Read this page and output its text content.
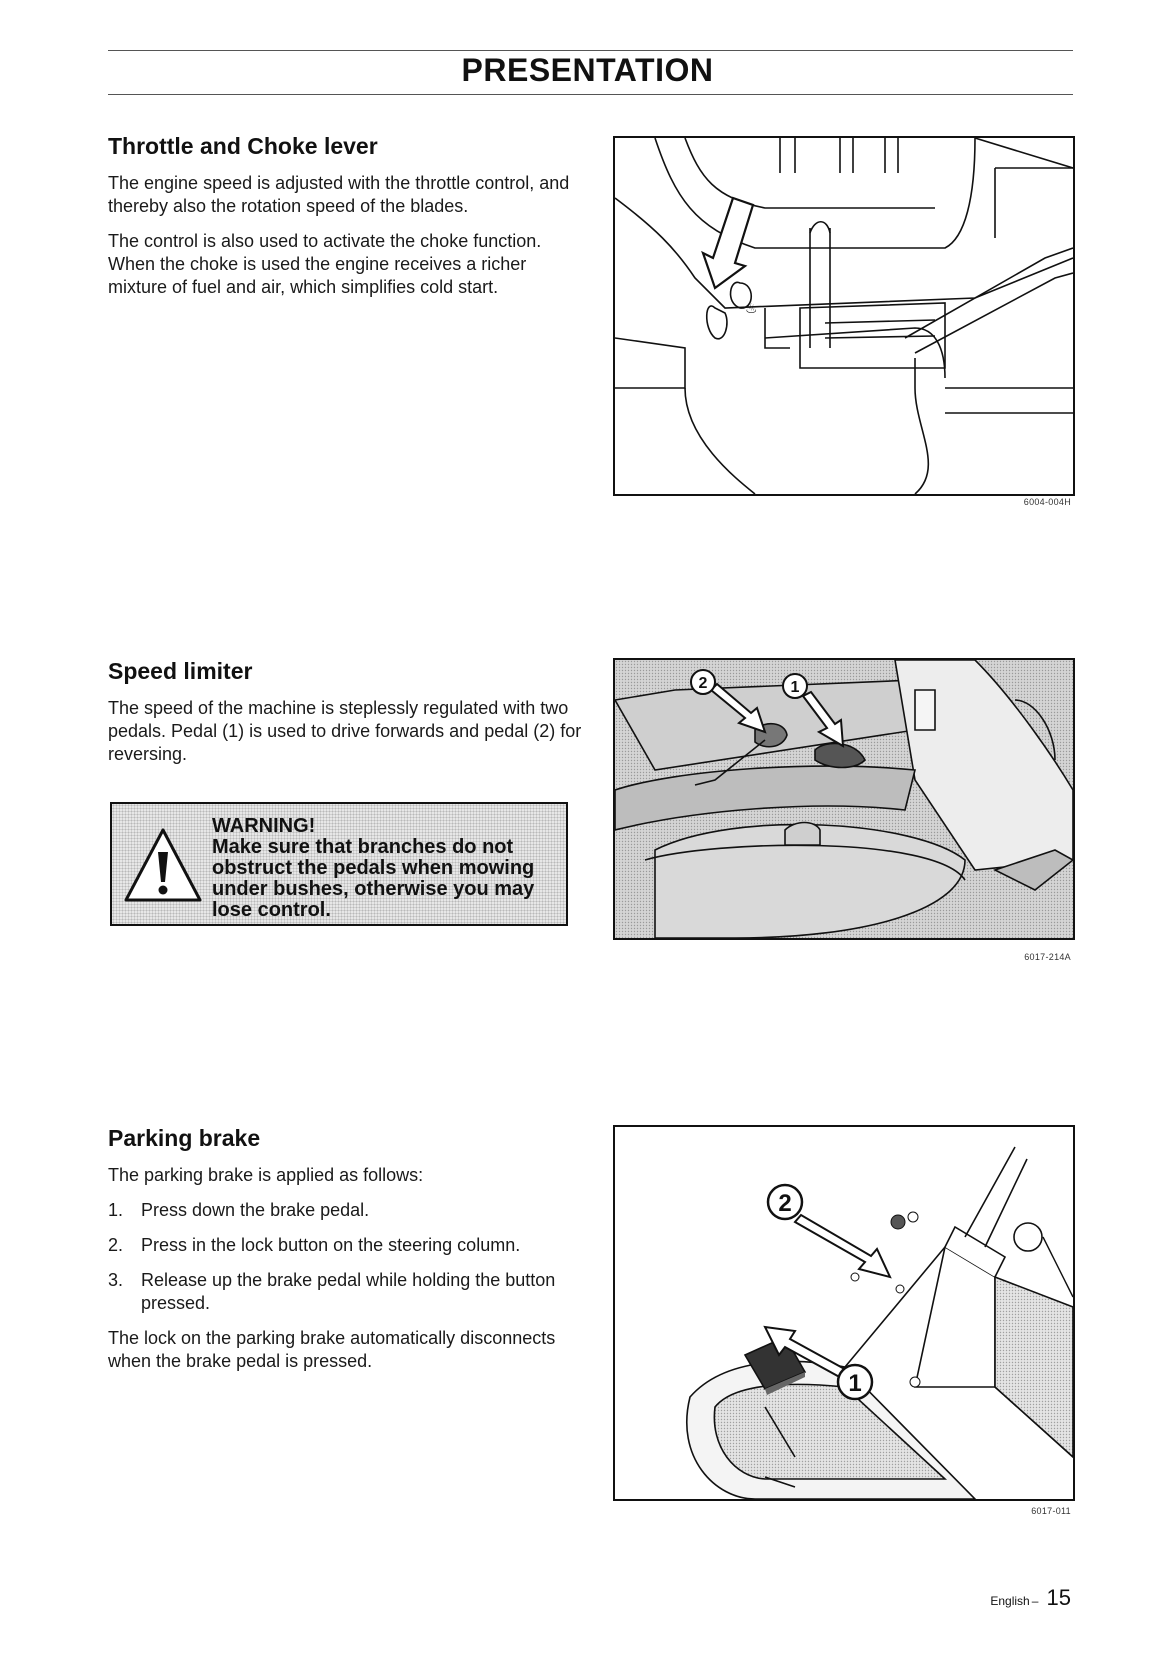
PRESENTATION
Throttle and Choke lever

The engine speed is adjusted with the throttle control, and thereby also the rotation speed of the blades.

The control is also used to activate the choke function. When the choke is used the engine receives a richer mixture of fuel and air, which simplifies cold start.

♨
6004-004H
Speed limiter

The speed of the machine is steplessly regulated with two pedals. Pedal (1) is used to drive forwards and pedal (2) for reversing.

WARNING!
Make sure that branches do not
obstruct the pedals when mowing
under bushes, otherwise you may
lose control.
2	1
6017-214A
Parking brake

The parking brake is applied as follows:

1. Press down the brake pedal.
2. Press in the lock button on the steering column.
3. Release up the brake pedal while holding the button pressed.

The lock on the parking brake automatically disconnects when the brake pedal is pressed.

2
1
6017-011
English – 15
